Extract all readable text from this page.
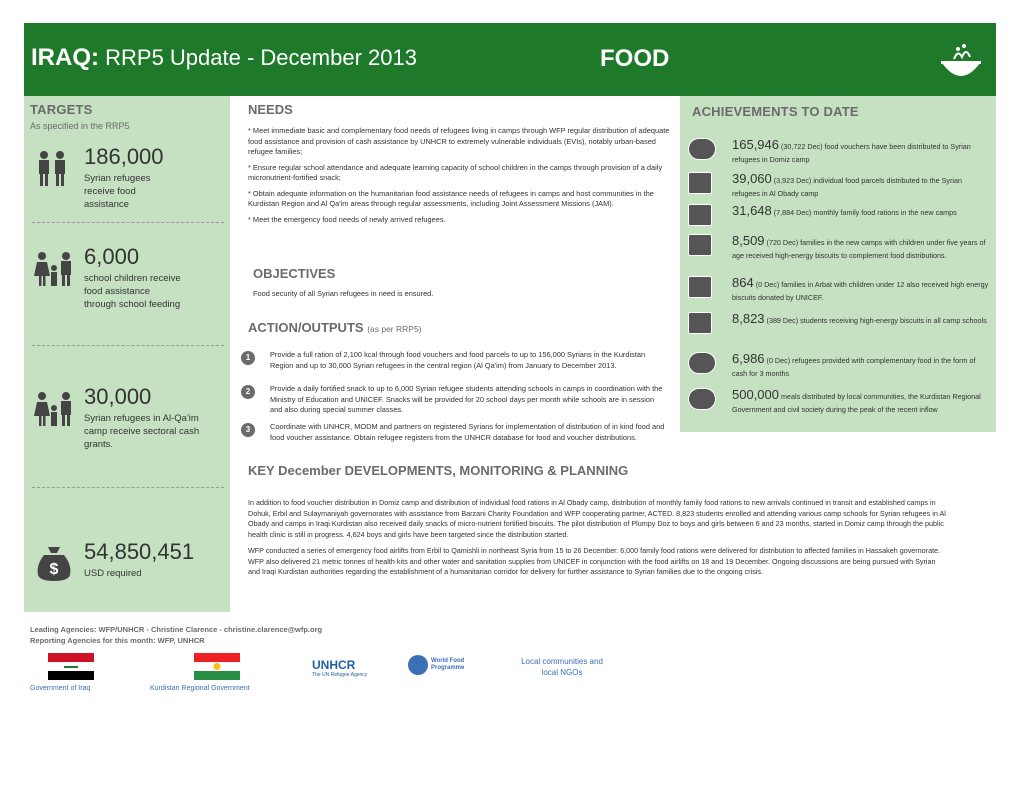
IRAQ: RRP5 Update - December 2013	FOOD
TARGETS
As specified in the RRP5
186,000
Syrian refugees receive food assistance
6,000
school children receive food assistance through school feeding
30,000
Syrian refugees in Al-Qa'im camp receive sectoral cash grants.
$
54,850,451
USD required
NEEDS

* Meet immediate basic and complementary food needs of refugees living in camps through WFP regular distribution of adequate food assistance and provision of cash assistance by UNHCR to extremely vulnerable individuals (EVIs), notably urban-based refugee families;

* Ensure regular school attendance and adequate learning capacity of school children in the camps through provision of a daily micronutrient-fortified snack;

* Obtain adequate information on the humanitarian food assistance needs of refugees in camps and host communities in the Kurdistan Region and Al Qa'im areas through regular assessments, including Joint Assessment Missions (JAM).

* Meet the emergency food needs of newly arrived refugees.

OBJECTIVES

Food security of all Syrian refugees in need is ensured.

ACTION/OUTPUTS (as per RRP5)
1	Provide a full ration of 2,100 kcal through food vouchers and food parcels to up to 156,000 Syrians in the Kurdistan Region and up to 30,000 Syrian refugees in the central region (Al Qa'im) from January to December 2013.
2	Provide a daily fortified snack to up to 6,000 Syrian refugee students attending schools in camps in coordination with the Ministry of Education and UNICEF. Snacks will be provided for 20 school days per month while schools are in session and also during special summer classes.
3	Coordinate with UNHCR, MODM and partners on registered Syrians for implementation of distribution of in kind food and food voucher assistance. Obtain refugee registers from the UNHCR database for food and voucher distributions.
ACHIEVEMENTS TO DATE
165,946 (30,722 Dec) food vouchers have been distributed to Syrian refugees in Domiz camp
39,060 (3,923 Dec) individual food parcels distributed to the Syrian refugees in Al Obady camp
31,648 (7,884 Dec) monthly family food rations in the new camps
8,509 (720 Dec) families in the new camps with children under five years of age received high-energy biscuits to complement food distributions.
864 (0 Dec) families in Arbat with children under 12 also received high energy biscuits donated by UNICEF.
8,823 (389 Dec) students receiving high-energy biscuits in all camp schools
6,986 (0 Dec) refugees provided with complementary food in the form of cash for 3 months
500,000 meals distributed by local communities, the Kurdistan Regional Government and civil society during the peak of the recent inflow
KEY December DEVELOPMENTS, MONITORING & PLANNING

In addition to food voucher distribution in Domiz camp and distribution of individual food rations in Al Obady camp, distribution of monthly family food rations to new arrivals continued in transit and established camps in Dohuk, Erbil and Sulaymaniyah governorates with assistance from Barzani Charity Foundation and WFP cooperating partner, ACTED. 8,823 students enrolled and attending various camp schools for Syrian refugees in Al Obady and camps in Iraqi Kurdistan also received daily snacks of micro-nutrient fortified biscuits. The pilot distribution of Plumpy Doz to boys and girls between 6 and 23 months, started in Domiz camp through the public health clinic is still in progress. 4,624 boys and girls have been targeted since the distribution started.

WFP conducted a series of emergency food airlifts from Erbil to Qamishli in northeast Syria from 15 to 26 December. 6,000 family food rations were delivered for distribution to affected families in Hassakeh governorate. WFP also delivered 21 metric tonnes of health kits and other water and sanitation supplies from UNICEF in conjunction with the food airlifts on 18 and 19 December. Ongoing discussions are being pursued with Syrian and Iraqi Kurdistan authorities regarding the establishment of a humanitarian corridor for delivery for further assistance to Syrian families due to the ongoing crisis.

Leading Agencies: WFP/UNHCR - Christine Clarence - christine.clarence@wfp.org
Reporting Agencies for this month: WFP, UNHCR
Government of Iraq	Kurdistan Regional Government
UNHCR
The UN Refugee Agency
World Food Programme
Local communities and local NGOs
